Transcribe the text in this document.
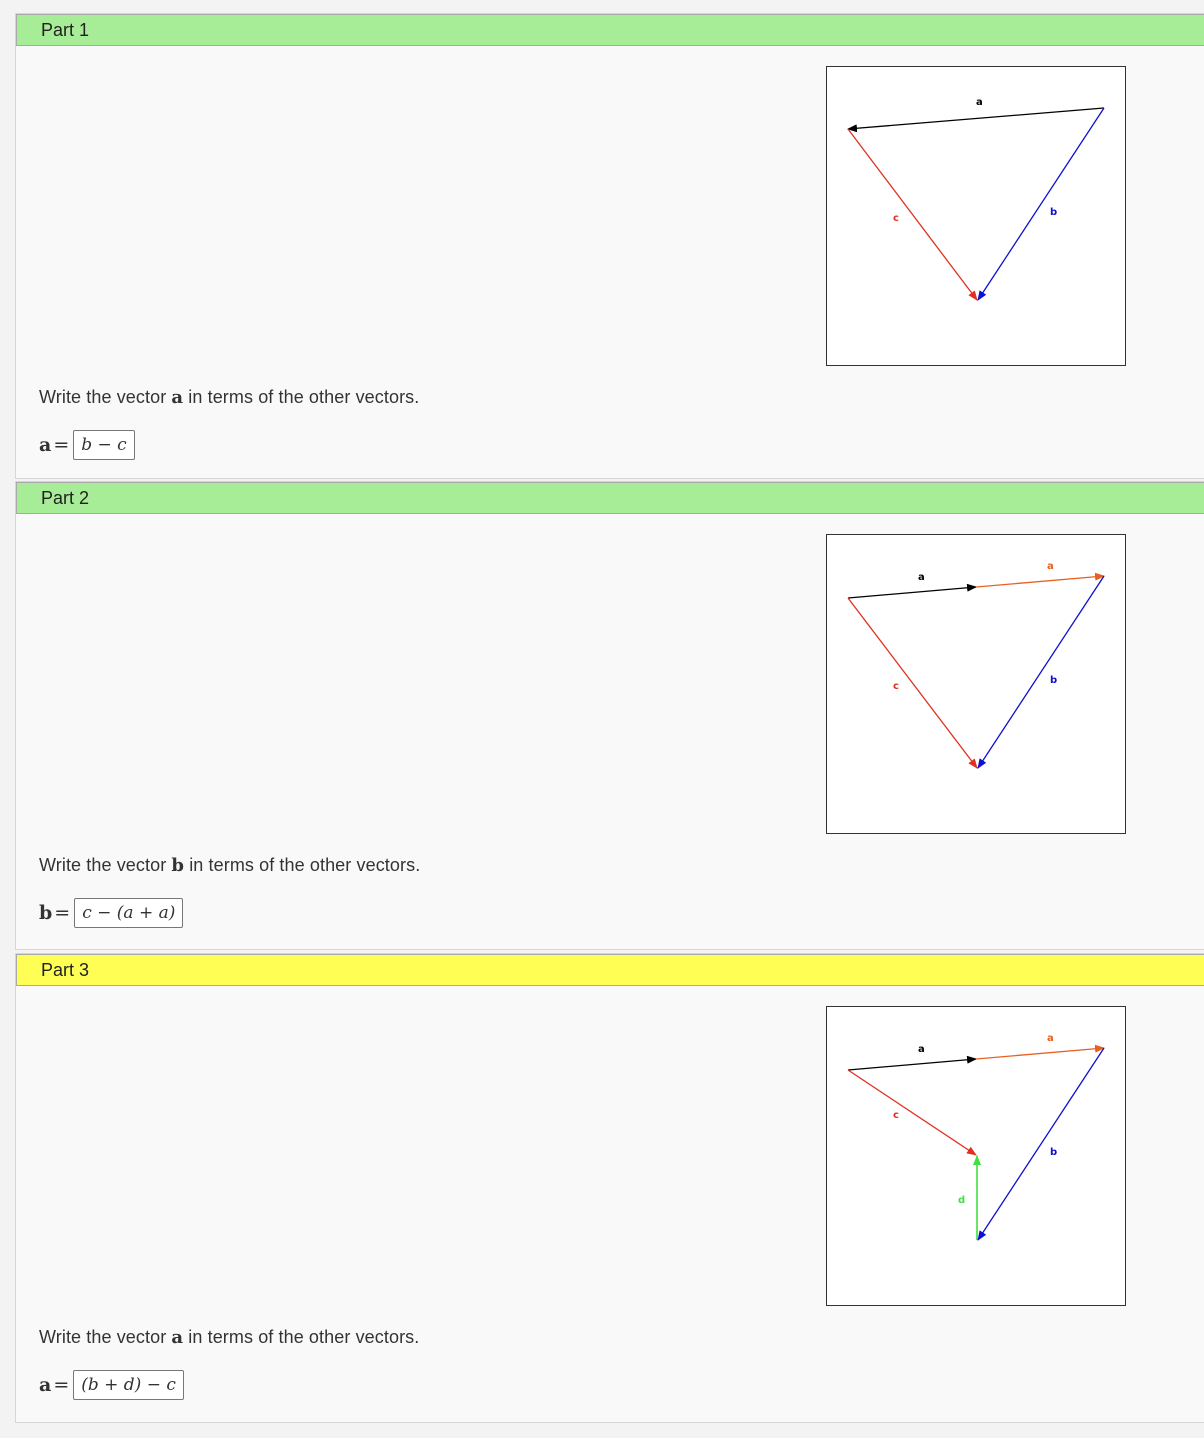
Part 1
a
c
b
Write the vector a in terms of the other vectors.
a = b − c
Part 2
a
a
c
b
Write the vector b in terms of the other vectors.
b = c − (a + a)
Part 3
a
a
c
d
b
Write the vector a in terms of the other vectors.
a = (b + d) − c
